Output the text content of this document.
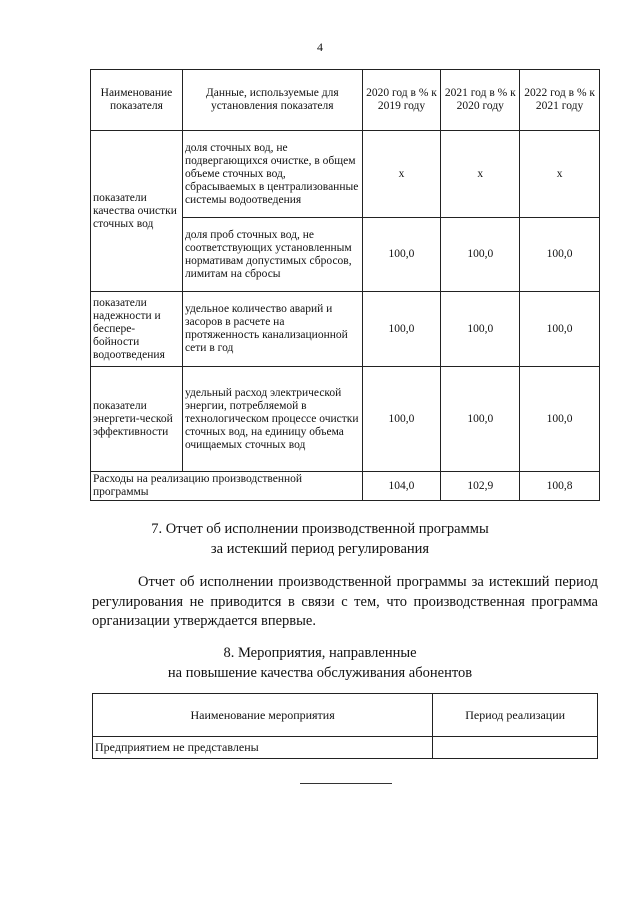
4
Наименование показателя	Данные, используемые для установления показателя	2020 год в % к 2019 году	2021 год в % к 2020 году	2022 год в % к 2021 году
показатели качества очистки сточных вод	доля сточных вод, не подвергающихся очистке, в общем объеме сточных вод, сбрасываемых в централизованные системы водоотведения	х	х	х
	доля проб сточных вод, не соответствующих установленным нормативам допустимых сбросов, лимитам на сбросы	100,0	100,0	100,0
показатели надежности и беспере-бойности водоотведения	удельное количество аварий и засоров в расчете на протяженность канализационной сети в год	100,0	100,0	100,0
показатели энергети-ческой эффективности	удельный расход электрической энергии, потребляемой в технологическом процессе очистки сточных вод, на единицу объема очищаемых сточных вод	100,0	100,0	100,0
Расходы на реализацию производственной программы		104,0	102,9	100,8
7. Отчет об исполнении производственной программы
за истекший период регулирования
Отчет об исполнении производственной программы за истекший период регулирования не приводится в связи с тем, что производственная программа организации утверждается впервые.
8. Мероприятия, направленные
на повышение качества обслуживания абонентов
Наименование мероприятия	Период реализации
Предприятием не представлены	
